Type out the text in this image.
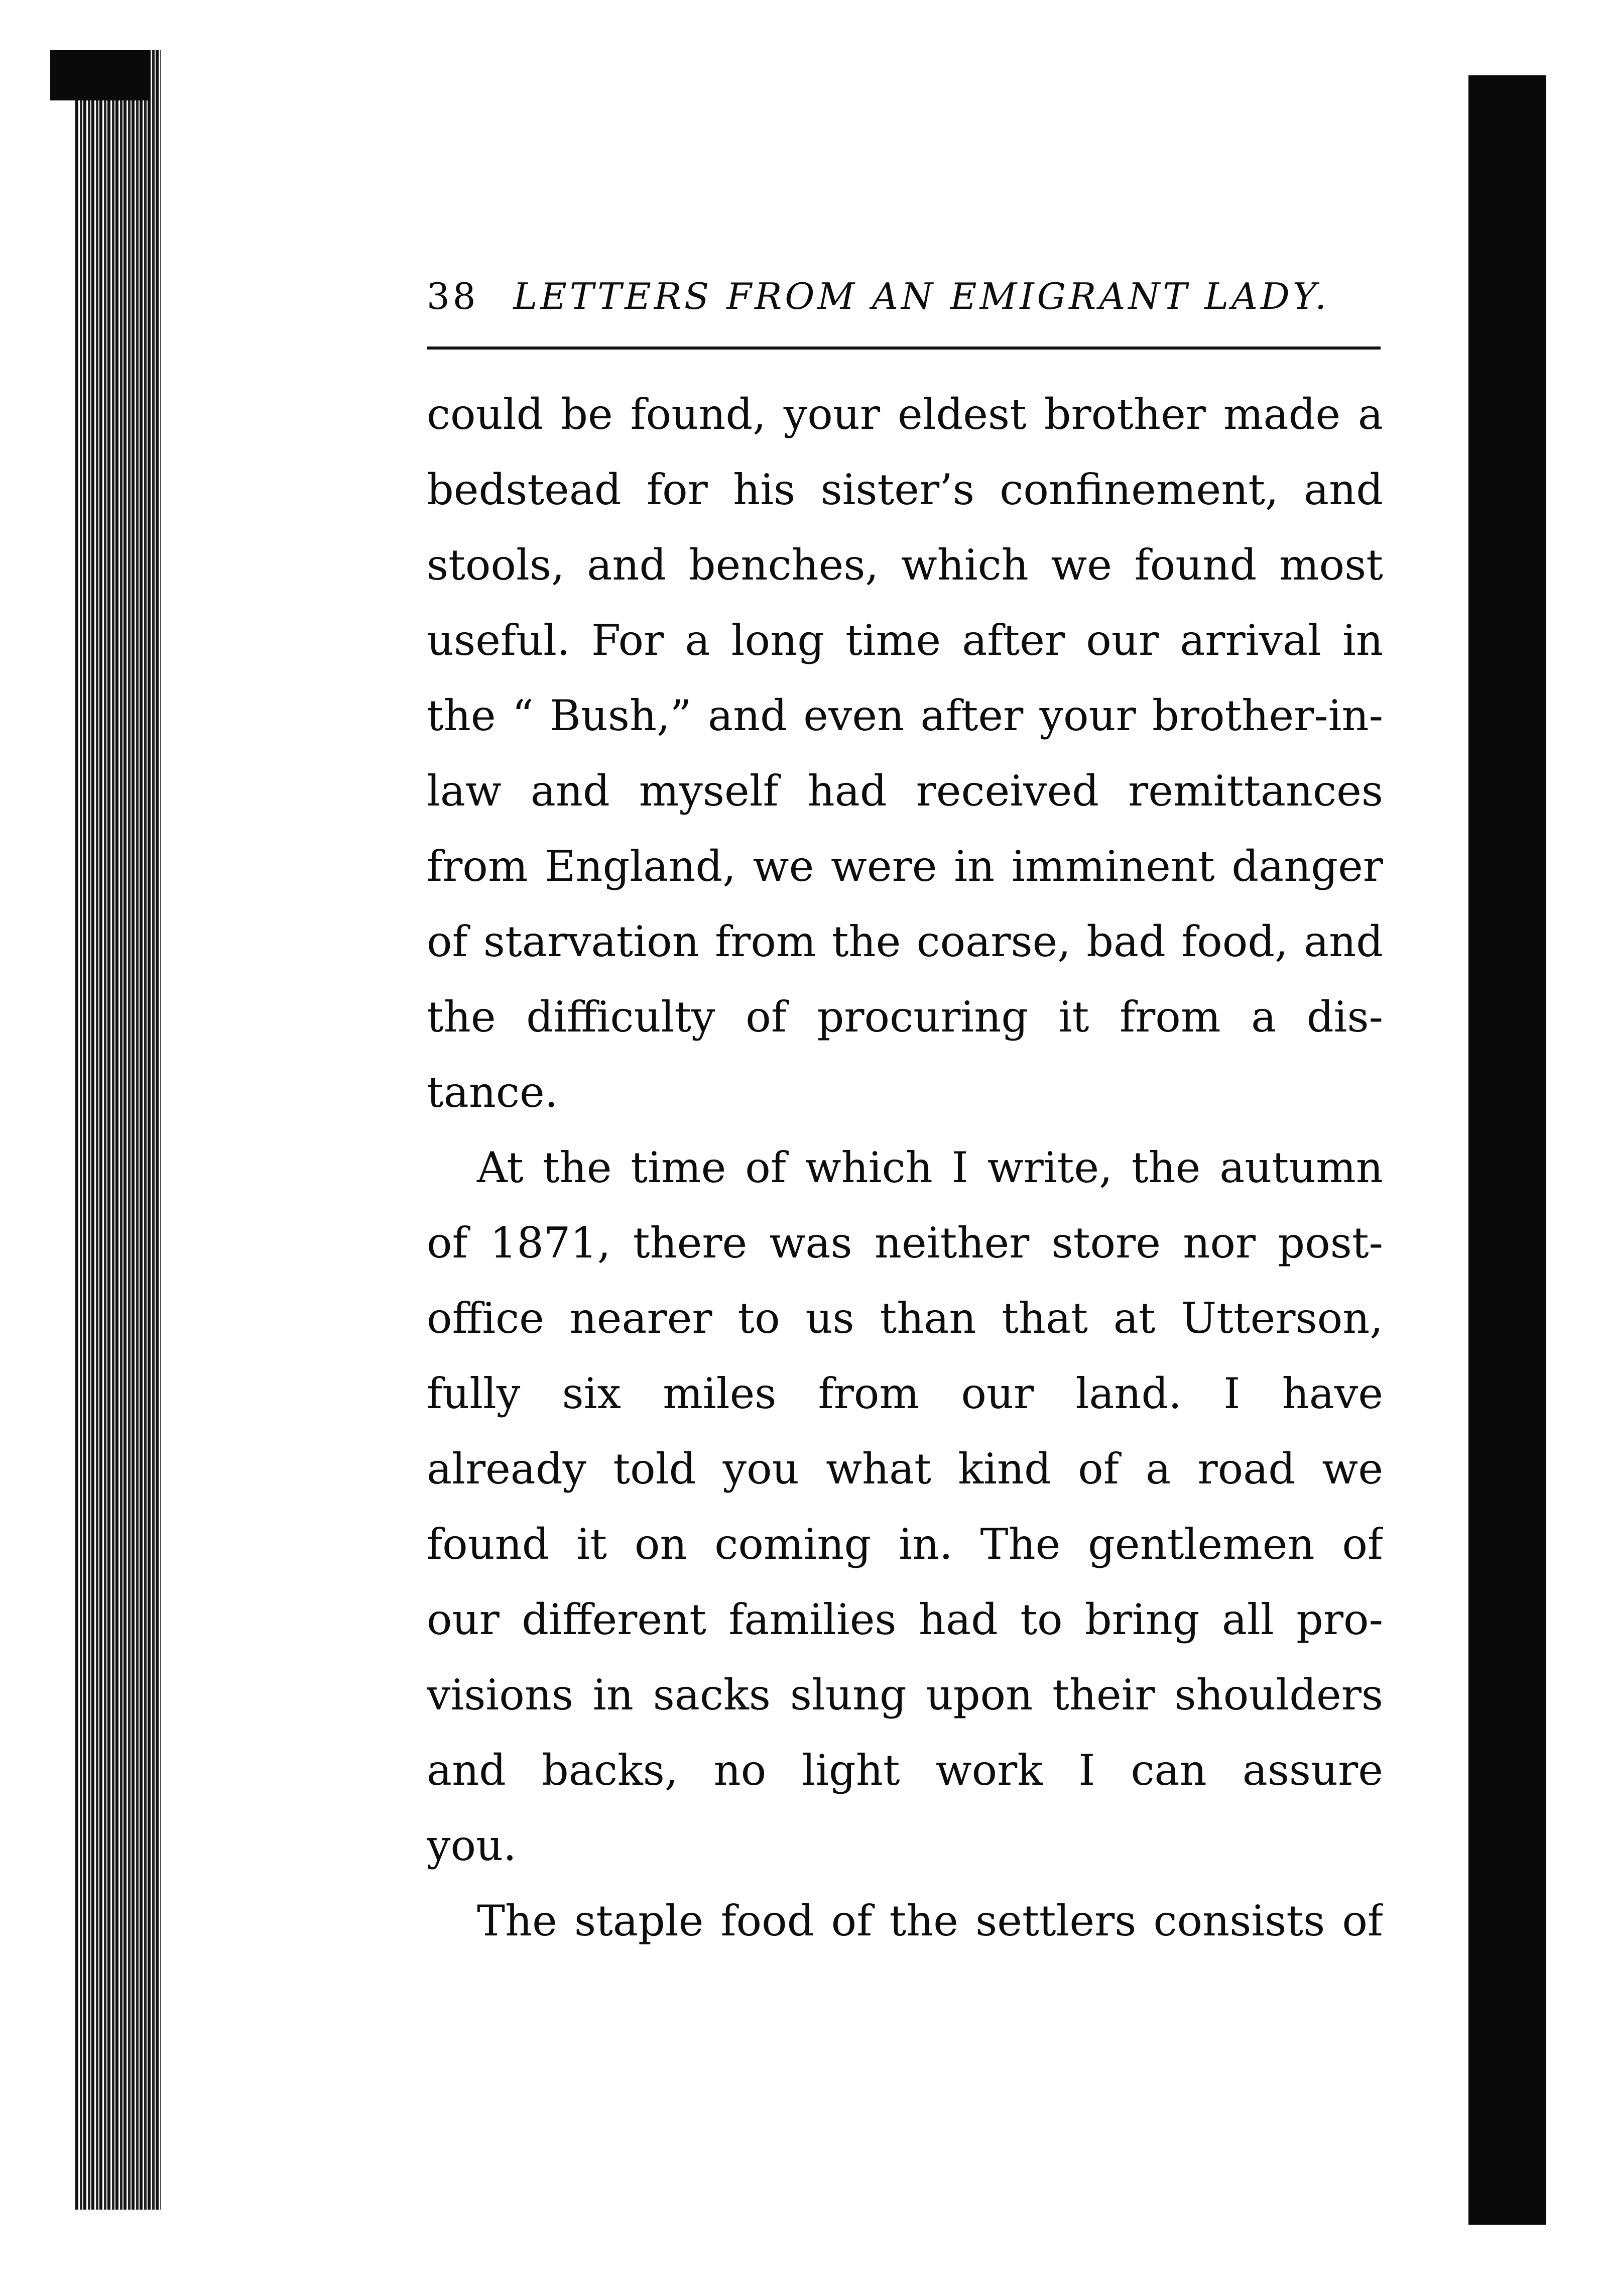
38 LETTERS FROM AN EMIGRANT LADY.
could be found, your eldest brother made a
bedstead for his sister’s confinement, and
stools, and benches, which we found most
useful. For a long time after our arrival in
the “ Bush,” and even after your brother-in-
law and myself had received remittances
from England, we were in imminent danger
of starvation from the coarse, bad food, and
the difficulty of procuring it from a dis-
tance.
At the time of which I write, the autumn
of 1871, there was neither store nor post-
office nearer to us than that at Utterson,
fully six miles from our land. I have
already told you what kind of a road we
found it on coming in. The gentlemen of
our different families had to bring all pro-
visions in sacks slung upon their shoulders
and backs, no light work I can assure
you.
The staple food of the settlers consists of
